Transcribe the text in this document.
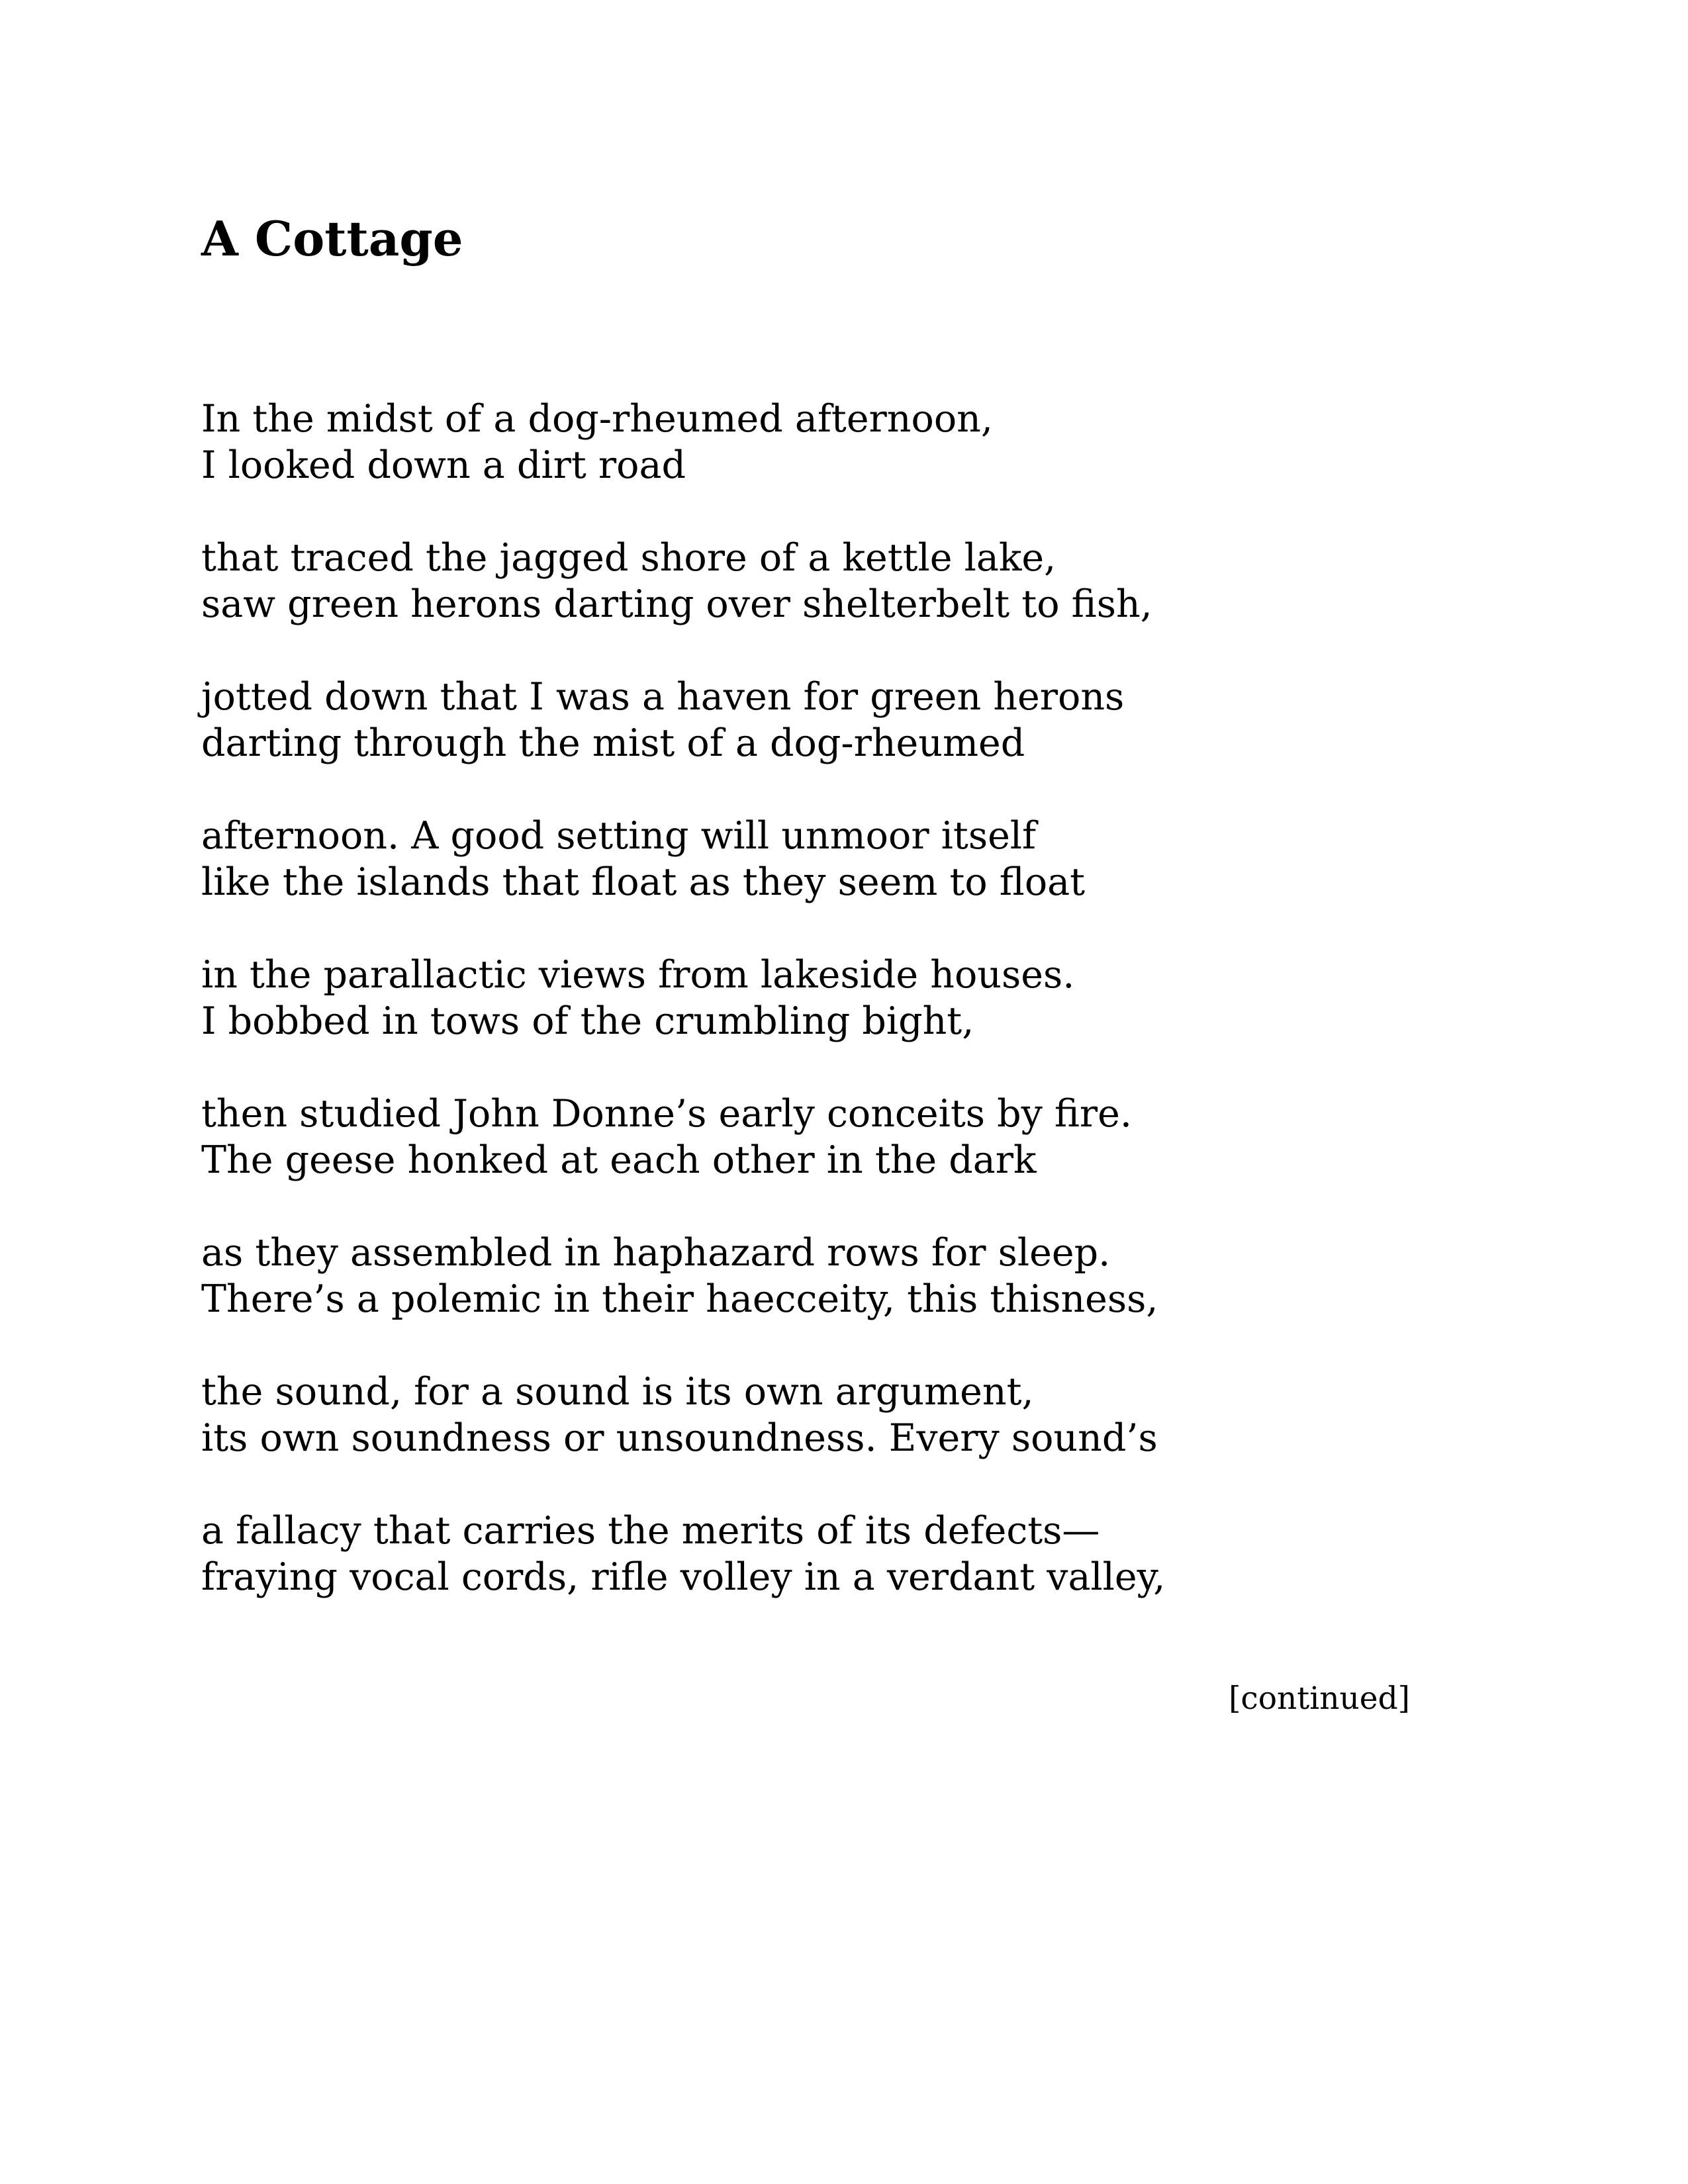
A Cottage
In the midst of a dog-rheumed afternoon,
I looked down a dirt road
that traced the jagged shore of a kettle lake,
saw green herons darting over shelterbelt to fish,
jotted down that I was a haven for green herons
darting through the mist of a dog-rheumed
afternoon. A good setting will unmoor itself
like the islands that float as they seem to float
in the parallactic views from lakeside houses.
I bobbed in tows of the crumbling bight,
then studied John Donne’s early conceits by fire.
The geese honked at each other in the dark
as they assembled in haphazard rows for sleep.
There’s a polemic in their haecceity, this thisness,
the sound, for a sound is its own argument,
its own soundness or unsoundness. Every sound’s
a fallacy that carries the merits of its defects—
fraying vocal cords, rifle volley in a verdant valley,
[continued]
